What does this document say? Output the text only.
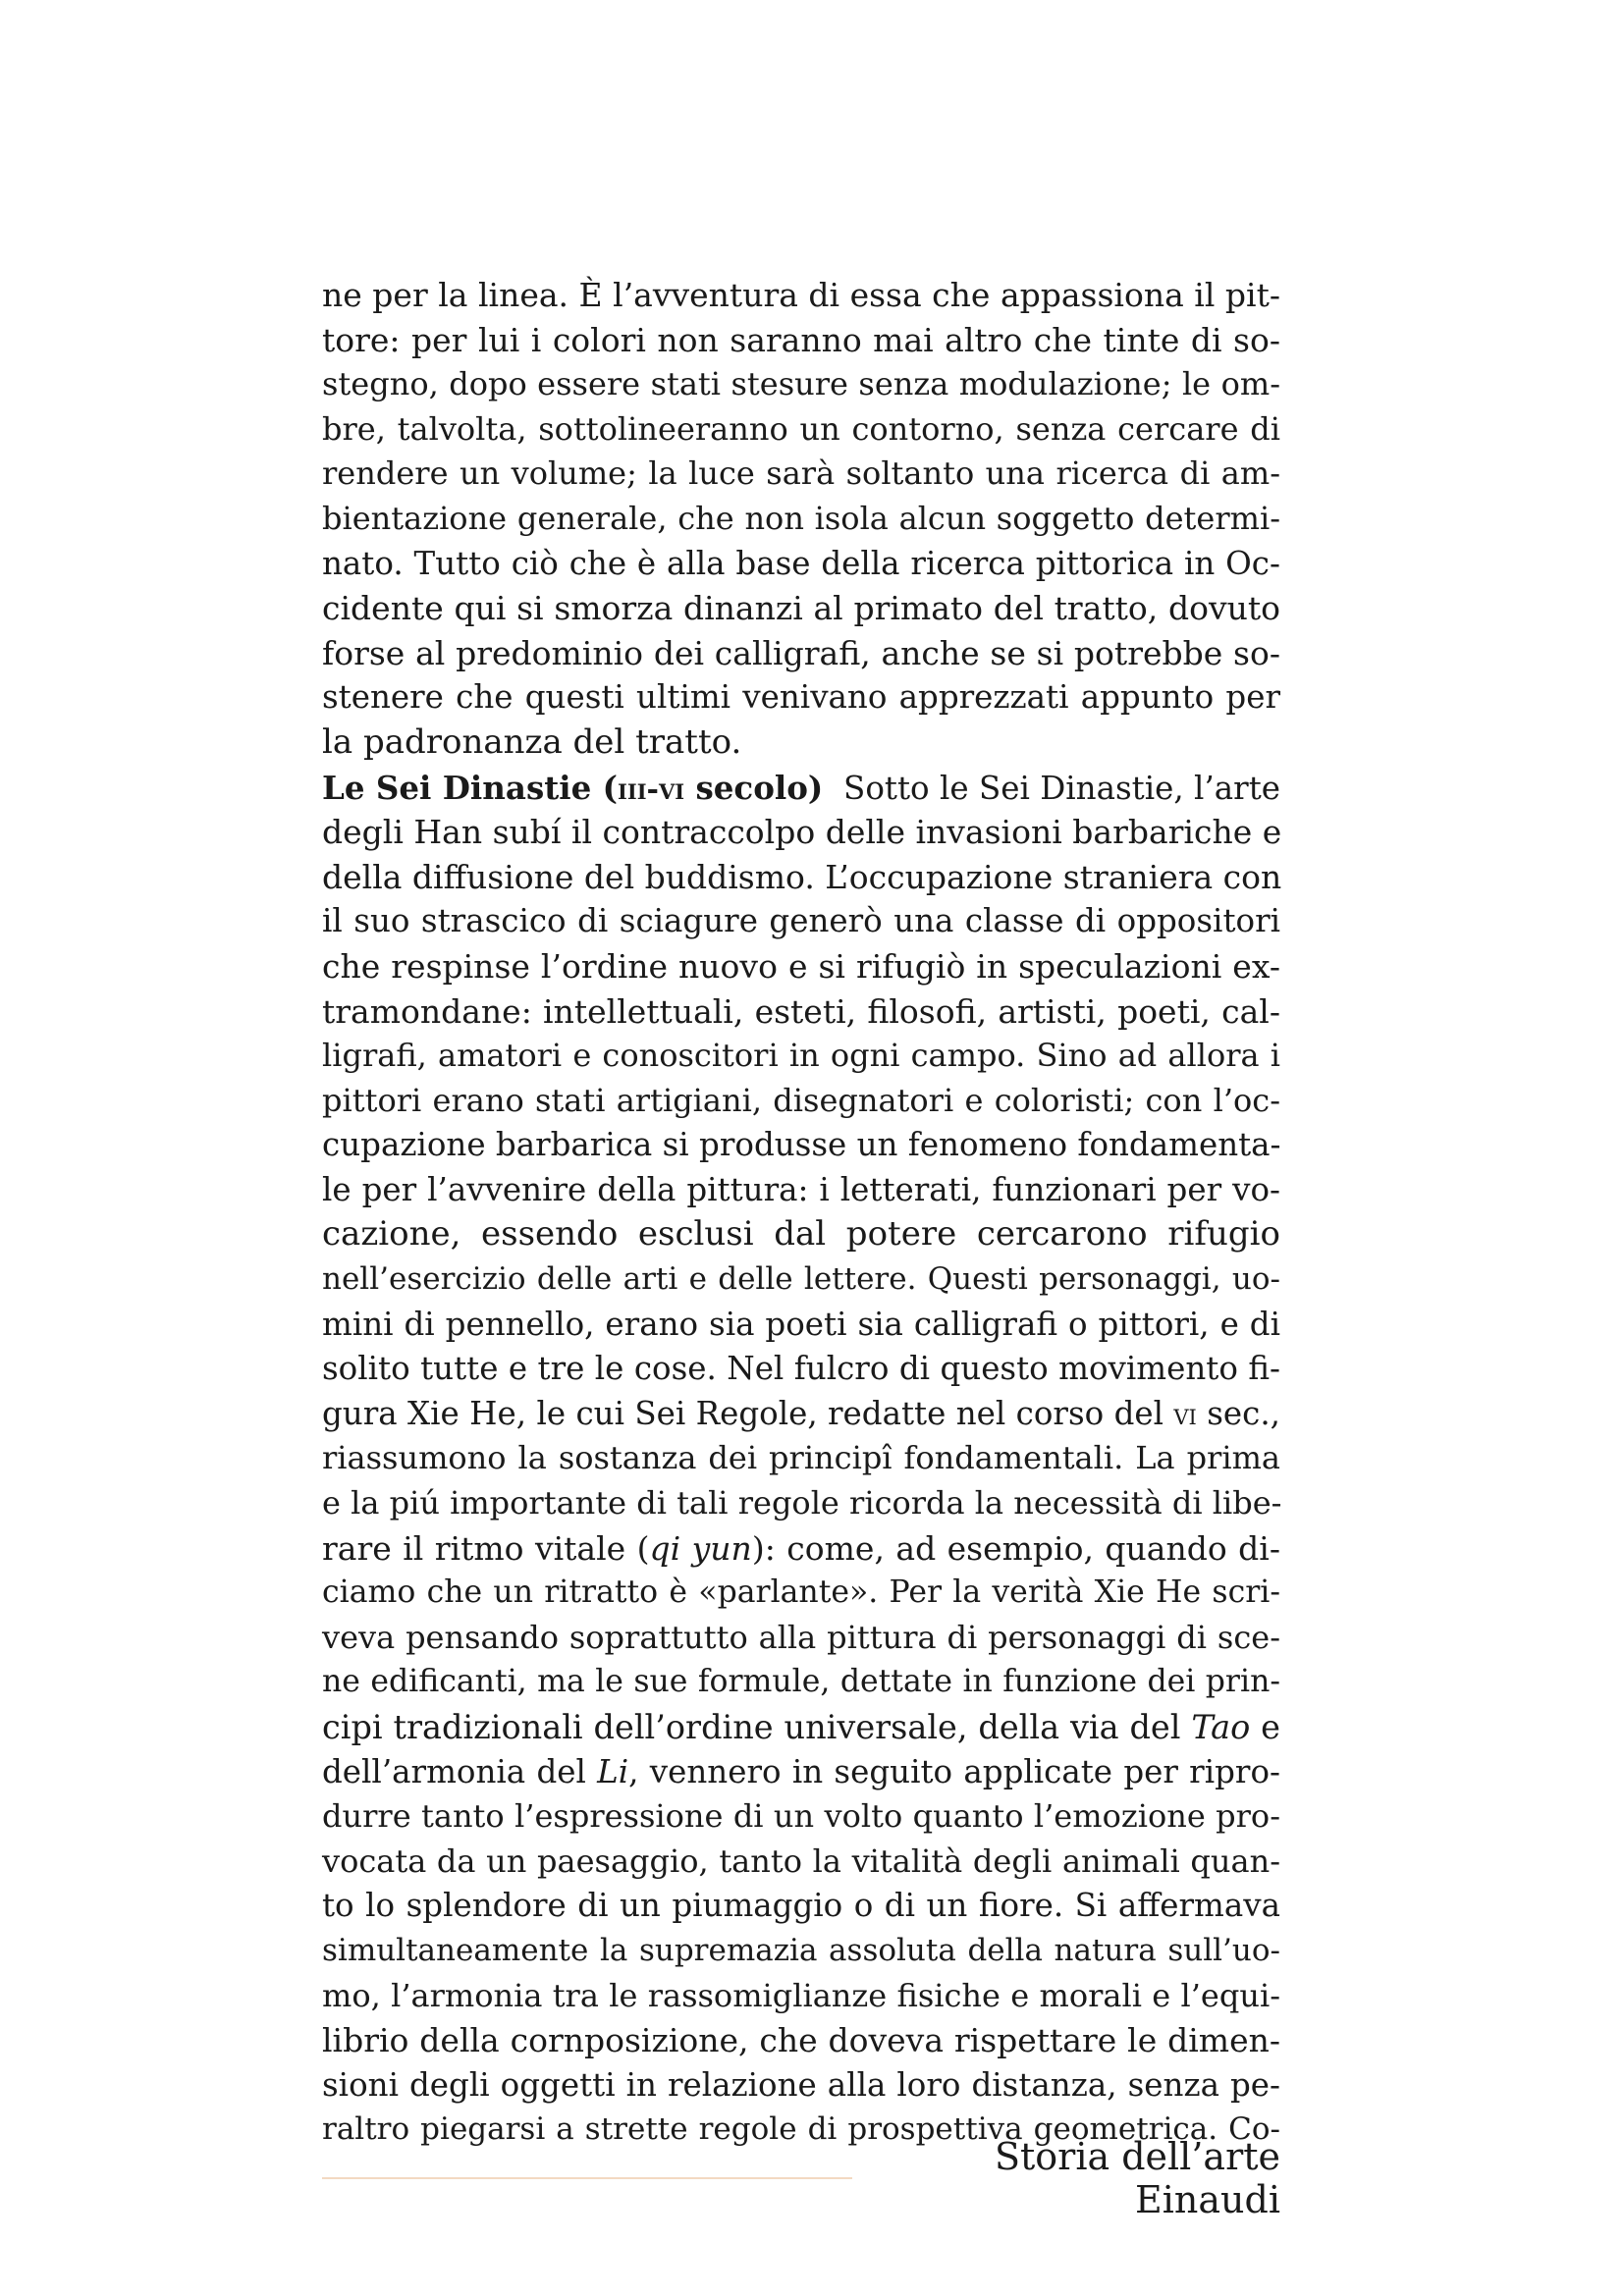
ne per la linea. È l’avventura di essa che appassiona il pit-
tore: per lui i colori non saranno mai altro che tinte di so-
stegno, dopo essere stati stesure senza modulazione; le om-
bre, talvolta, sottolineeranno un contorno, senza cercare di
rendere un volume; la luce sarà soltanto una ricerca di am-
bientazione generale, che non isola alcun soggetto determi-
nato. Tutto ciò che è alla base della ricerca pittorica in Oc-
cidente qui si smorza dinanzi al primato del tratto, dovuto
forse al predominio dei calligrafi, anche se si potrebbe so-
stenere che questi ultimi venivano apprezzati appunto per
la padronanza del tratto.
Le Sei Dinastie (iii-vi secolo)  Sotto le Sei Dinastie, l’arte
degli Han subí il contraccolpo delle invasioni barbariche e
della diffusione del buddismo. L’occupazione straniera con
il suo strascico di sciagure generò una classe di oppositori
che respinse l’ordine nuovo e si rifugiò in speculazioni ex-
tramondane: intellettuali, esteti, filosofi, artisti, poeti, cal-
ligrafi, amatori e conoscitori in ogni campo. Sino ad allora i
pittori erano stati artigiani, disegnatori e coloristi; con l’oc-
cupazione barbarica si produsse un fenomeno fondamenta-
le per l’avvenire della pittura: i letterati, funzionari per vo-
cazione, essendo esclusi dal potere cercarono rifugio
nell’esercizio delle arti e delle lettere. Questi personaggi, uo-
mini di pennello, erano sia poeti sia calligrafi o pittori, e di
solito tutte e tre le cose. Nel fulcro di questo movimento fi-
gura Xie He, le cui Sei Regole, redatte nel corso del vi sec.,
riassumono la sostanza dei principî fondamentali. La prima
e la piú importante di tali regole ricorda la necessità di libe-
rare il ritmo vitale (qi yun): come, ad esempio, quando di-
ciamo che un ritratto è «parlante». Per la verità Xie He scri-
veva pensando soprattutto alla pittura di personaggi di sce-
ne edificanti, ma le sue formule, dettate in funzione dei prin-
cipi tradizionali dell’ordine universale, della via del Tao e
dell’armonia del Li, vennero in seguito applicate per ripro-
durre tanto l’espressione di un volto quanto l’emozione pro-
vocata da un paesaggio, tanto la vitalità degli animali quan-
to lo splendore di un piumaggio o di un fiore. Si affermava
simultaneamente la supremazia assoluta della natura sull’uo-
mo, l’armonia tra le rassomiglianze fisiche e morali e l’equi-
librio della cornposizione, che doveva rispettare le dimen-
sioni degli oggetti in relazione alla loro distanza, senza pe-
raltro piegarsi a strette regole di prospettiva geometrica. Co-
Storia dell’arte Einaudi
